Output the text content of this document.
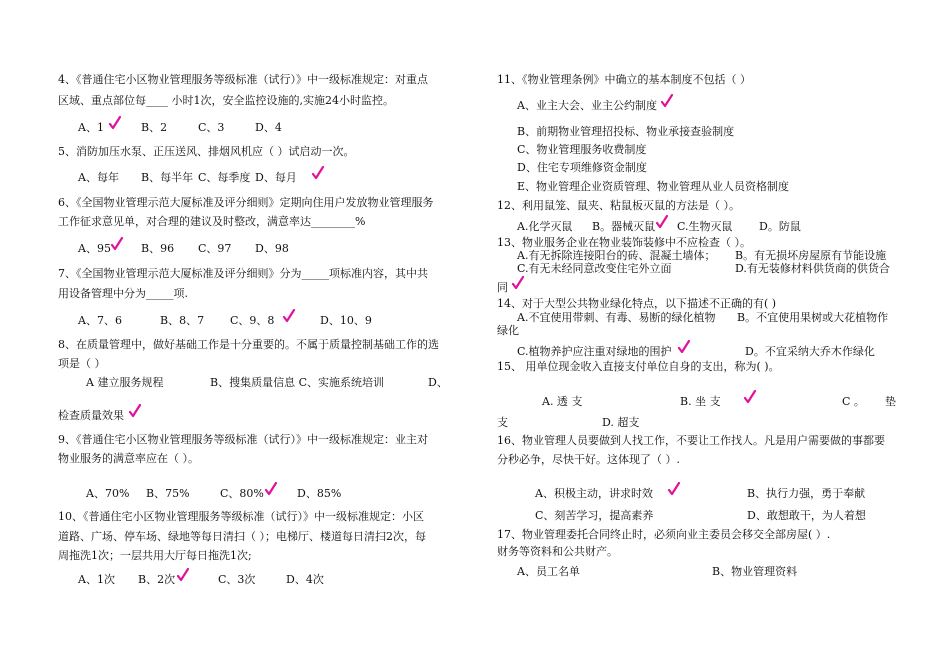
4、《普通住宅小区物业管理服务等级标准（试行）》中一级标准规定：对重点
区域、重点部位每____ 小时1次，安全监控设施的,实施24小时监控。
A、1	B、2	C、3	D、4
5、消防加压水泵、正压送风、排烟风机应（ ）试启动一次。
A、每年 B、每半年 C、每季度 D、每月
6、《全国物业管理示范大厦标准及评分细则》定期向住用户发放物业管理服务
工作征求意见单，对合理的建议及时整改，满意率达________%
A、95	B、96 C、97 D、98
7、《全国物业管理示范大厦标准及评分细则》分为_____项标准内容，其中共
用设备管理中分为_____项.
A、7、6	B、8、7 C、9、8	D、10、9
8、在质量管理中，做好基础工作是十分重要的。不属于质量控制基础工作的选
项是（ ）
A 建立服务规程	B、搜集质量信息 C、实施系统培训	D、
检查质量效果
9、《普通住宅小区物业管理服务等级标准（试行）》中一级标准规定：业主对
物业服务的满意率应在（ ）。
A、70% B、75%	C、80%	D、85%
10、《普通住宅小区物业管理服务等级标准（试行）》中一级标准规定：小区
道路、广场、停车场、绿地等每日清扫（ ）；电梯厅、楼道每日清扫2次，每
周拖洗1次；一层共用大厅每日拖洗1次;
A、1次 B、2次	C、3次	D、4次
11、《物业管理条例》中确立的基本制度不包括（ ）
A、业主大会、业主公约制度
B、前期物业管理招投标、物业承接查验制度
C、物业管理服务收费制度
D、住宅专项维修资金制度
E、物业管理企业资质管理、物业管理从业人员资格制度
12、利用鼠笼、鼠夹、粘鼠板灭鼠的方法是（ ）。
A.化学灭鼠 B。器械灭鼠 C.生物灭鼠 D。防鼠
13、物业服务企业在物业装饰装修中不应检查（ ）。
A.有无拆除连接阳台的砖、混凝土墙体； B。有无损坏房屋原有节能设施
C.有无未经同意改变住宅外立面	D.有无装修材料供货商的供货合
同
14、对于大型公共物业绿化特点，以下描述不正确的有( )
A.不宜使用带刺、有毒、易断的绿化植物 B。不宜使用果树或大花植物作
绿化
C.植物养护应注重对绿地的围护	D。不宜采纳大乔木作绿化
15、 用单位现金收入直接支付单位自身的支出，称为( )。
A. 透 支	B. 坐 支	C 。 垫
支	D. 超支
16、物业管理人员要做到人找工作，不要让工作找人。凡是用户需要做的事都要
分秒必争，尽快干好。这体现了（ ）.
A、积极主动，讲求时效	B、执行力强，勇于奉献
C、刻苦学习，提高素养	D、敢想敢干，为人着想
17、物业管理委托合同终止时，必须向业主委员会移交全部房屋( ）.
财务等资料和公共财产。
A、员工名单	B、物业管理资料
